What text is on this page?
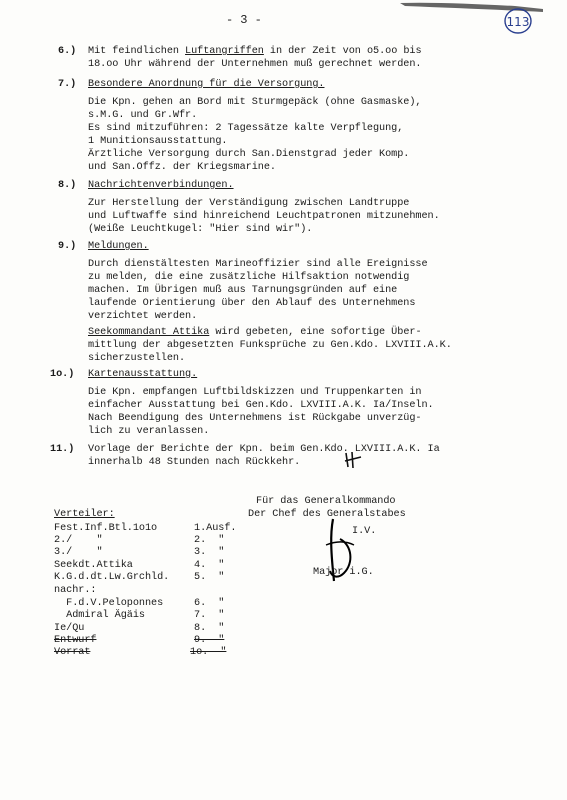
- 3 -	113
6.) Mit feindlichen Luftangriffen in der Zeit von o5.oo bis
18.oo Uhr während der Unternehmen muß gerechnet werden.
7.) Besondere Anordnung für die Versorgung.
Die Kpn. gehen an Bord mit Sturmgepäck (ohne Gasmaske),
s.M.G. und Gr.Wfr.
Es sind mitzuführen: 2 Tagessätze kalte Verpflegung,
1 Munitionsausstattung.
Ärztliche Versorgung durch San.Dienstgrad jeder Komp.
und San.Offz. der Kriegsmarine.
8.) Nachrichtenverbindungen.
Zur Herstellung der Verständigung zwischen Landtruppe
und Luftwaffe sind hinreichend Leuchtpatronen mitzunehmen.
(Weiße Leuchtkugel: "Hier sind wir").
9.) Meldungen.
Durch dienstältesten Marineoffizier sind alle Ereignisse
zu melden, die eine zusätzliche Hilfsaktion notwendig
machen. Im Übrigen muß aus Tarnungsgründen auf eine
laufende Orientierung über den Ablauf des Unternehmens
verzichtet werden.
Seekommandant Attika wird gebeten, eine sofortige Über-
mittlung der abgesetzten Funksprüche zu Gen.Kdo. LXVIII.A.K.
sicherzustellen.
1o.) Kartenausstattung.
Die Kpn. empfangen Luftbildskizzen und Truppenkarten in
einfacher Ausstattung bei Gen.Kdo. LXVIII.A.K. Ia/Inseln.
Nach Beendigung des Unternehmens ist Rückgabe unverzüg-
lich zu veranlassen.
11.) Vorlage der Berichte der Kpn. beim Gen.Kdo. LXVIII.A.K. Ia
innerhalb 48 Stunden nach Rückkehr.
Für das Generalkommando
Der Chef des Generalstabes
I.V.
Major i.G.
Verteiler:
Fest.Inf.Btl.1o1o	1.Ausf.
2./    "	2.  "
3./    "	3.  "
Seekdt.Attika	4.  "
K.G.d.dt.Lw.Grchld. 5.  "
nachr.:
F.d.V.Peloponnes	6.  "
Admiral Ägäis	7.  "
Ie/Qu	8.  "
Entwurf	9.  "
Vorrat	1o.  "
